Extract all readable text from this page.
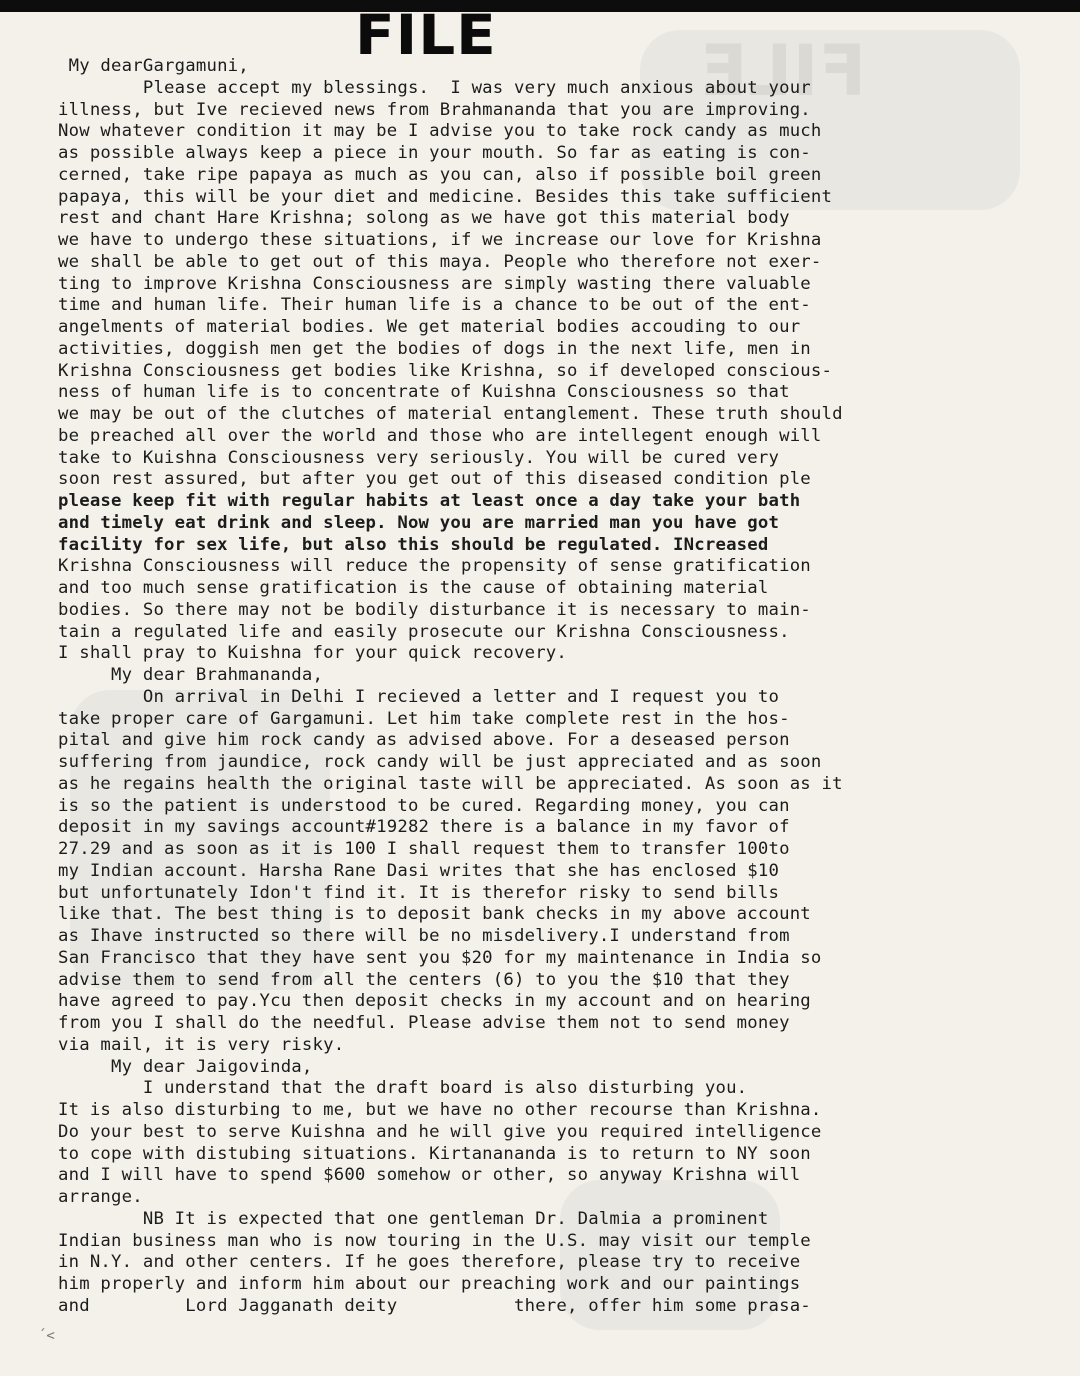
FILE
FILE
My dearGargamuni,
Please accept my blessings.  I was very much anxious about your
illness, but Ive recieved news from Brahmananda that you are improving.
Now whatever condition it may be I advise you to take rock candy as much
as possible always keep a piece in your mouth. So far as eating is con-
cerned, take ripe papaya as much as you can, also if possible boil green
papaya, this will be your diet and medicine. Besides this take sufficient
rest and chant Hare Krishna; solong as we have got this material body
we have to undergo these situations, if we increase our love for Krishna
we shall be able to get out of this maya. People who therefore not exer-
ting to improve Krishna Consciousness are simply wasting there valuable
time and human life. Their human life is a chance to be out of the ent-
angelments of material bodies. We get material bodies accouding to our
activities, doggish men get the bodies of dogs in the next life, men in
Krishna Consciousness get bodies like Krishna, so if developed conscious-
ness of human life is to concentrate of Kuishna Consciousness so that
we may be out of the clutches of material entanglement. These truth should
be preached all over the world and those who are intellegent enough will
take to Kuishna Consciousness very seriously. You will be cured very
soon rest assured, but after you get out of this diseased condition ple
please keep fit with regular habits at least once a day take your bath
and timely eat drink and sleep. Now you are married man you have got
facility for sex life, but also this should be regulated. INcreased
Krishna Consciousness will reduce the propensity of sense gratification
and too much sense gratification is the cause of obtaining material
bodies. So there may not be bodily disturbance it is necessary to main-
tain a regulated life and easily prosecute our Krishna Consciousness.
I shall pray to Kuishna for your quick recovery.
My dear Brahmananda,
On arrival in Delhi I recieved a letter and I request you to
take proper care of Gargamuni. Let him take complete rest in the hos-
pital and give him rock candy as advised above. For a deseased person
suffering from jaundice, rock candy will be just appreciated and as soon
as he regains health the original taste will be appreciated. As soon as it
is so the patient is understood to be cured. Regarding money, you can
deposit in my savings account#19282 there is a balance in my favor of
27.29 and as soon as it is 100 I shall request them to transfer 100to
my Indian account. Harsha Rane Dasi writes that she has enclosed $10
but unfortunately Idon't find it. It is therefor risky to send bills
like that. The best thing is to deposit bank checks in my above account
as Ihave instructed so there will be no misdelivery.I understand from
San Francisco that they have sent you $20 for my maintenance in India so
advise them to send from all the centers (6) to you the $10 that they
have agreed to pay.Ycu then deposit checks in my account and on hearing
from you I shall do the needful. Please advise them not to send money
via mail, it is very risky.
My dear Jaigovinda,
I understand that the draft board is also disturbing you.
It is also disturbing to me, but we have no other recourse than Krishna.
Do your best to serve Kuishna and he will give you required intelligence
to cope with distubing situations. Kirtanananda is to return to NY soon
and I will have to spend $600 somehow or other, so anyway Krishna will
arrange.
NB It is expected that one gentleman Dr. Dalmia a prominent
Indian business man who is now touring in the U.S. may visit our temple
in N.Y. and other centers. If he goes therefore, please try to receive
him properly and inform him about our preaching work and our paintings
and         Lord Jagganath deity           there, offer him some prasa-
´<
